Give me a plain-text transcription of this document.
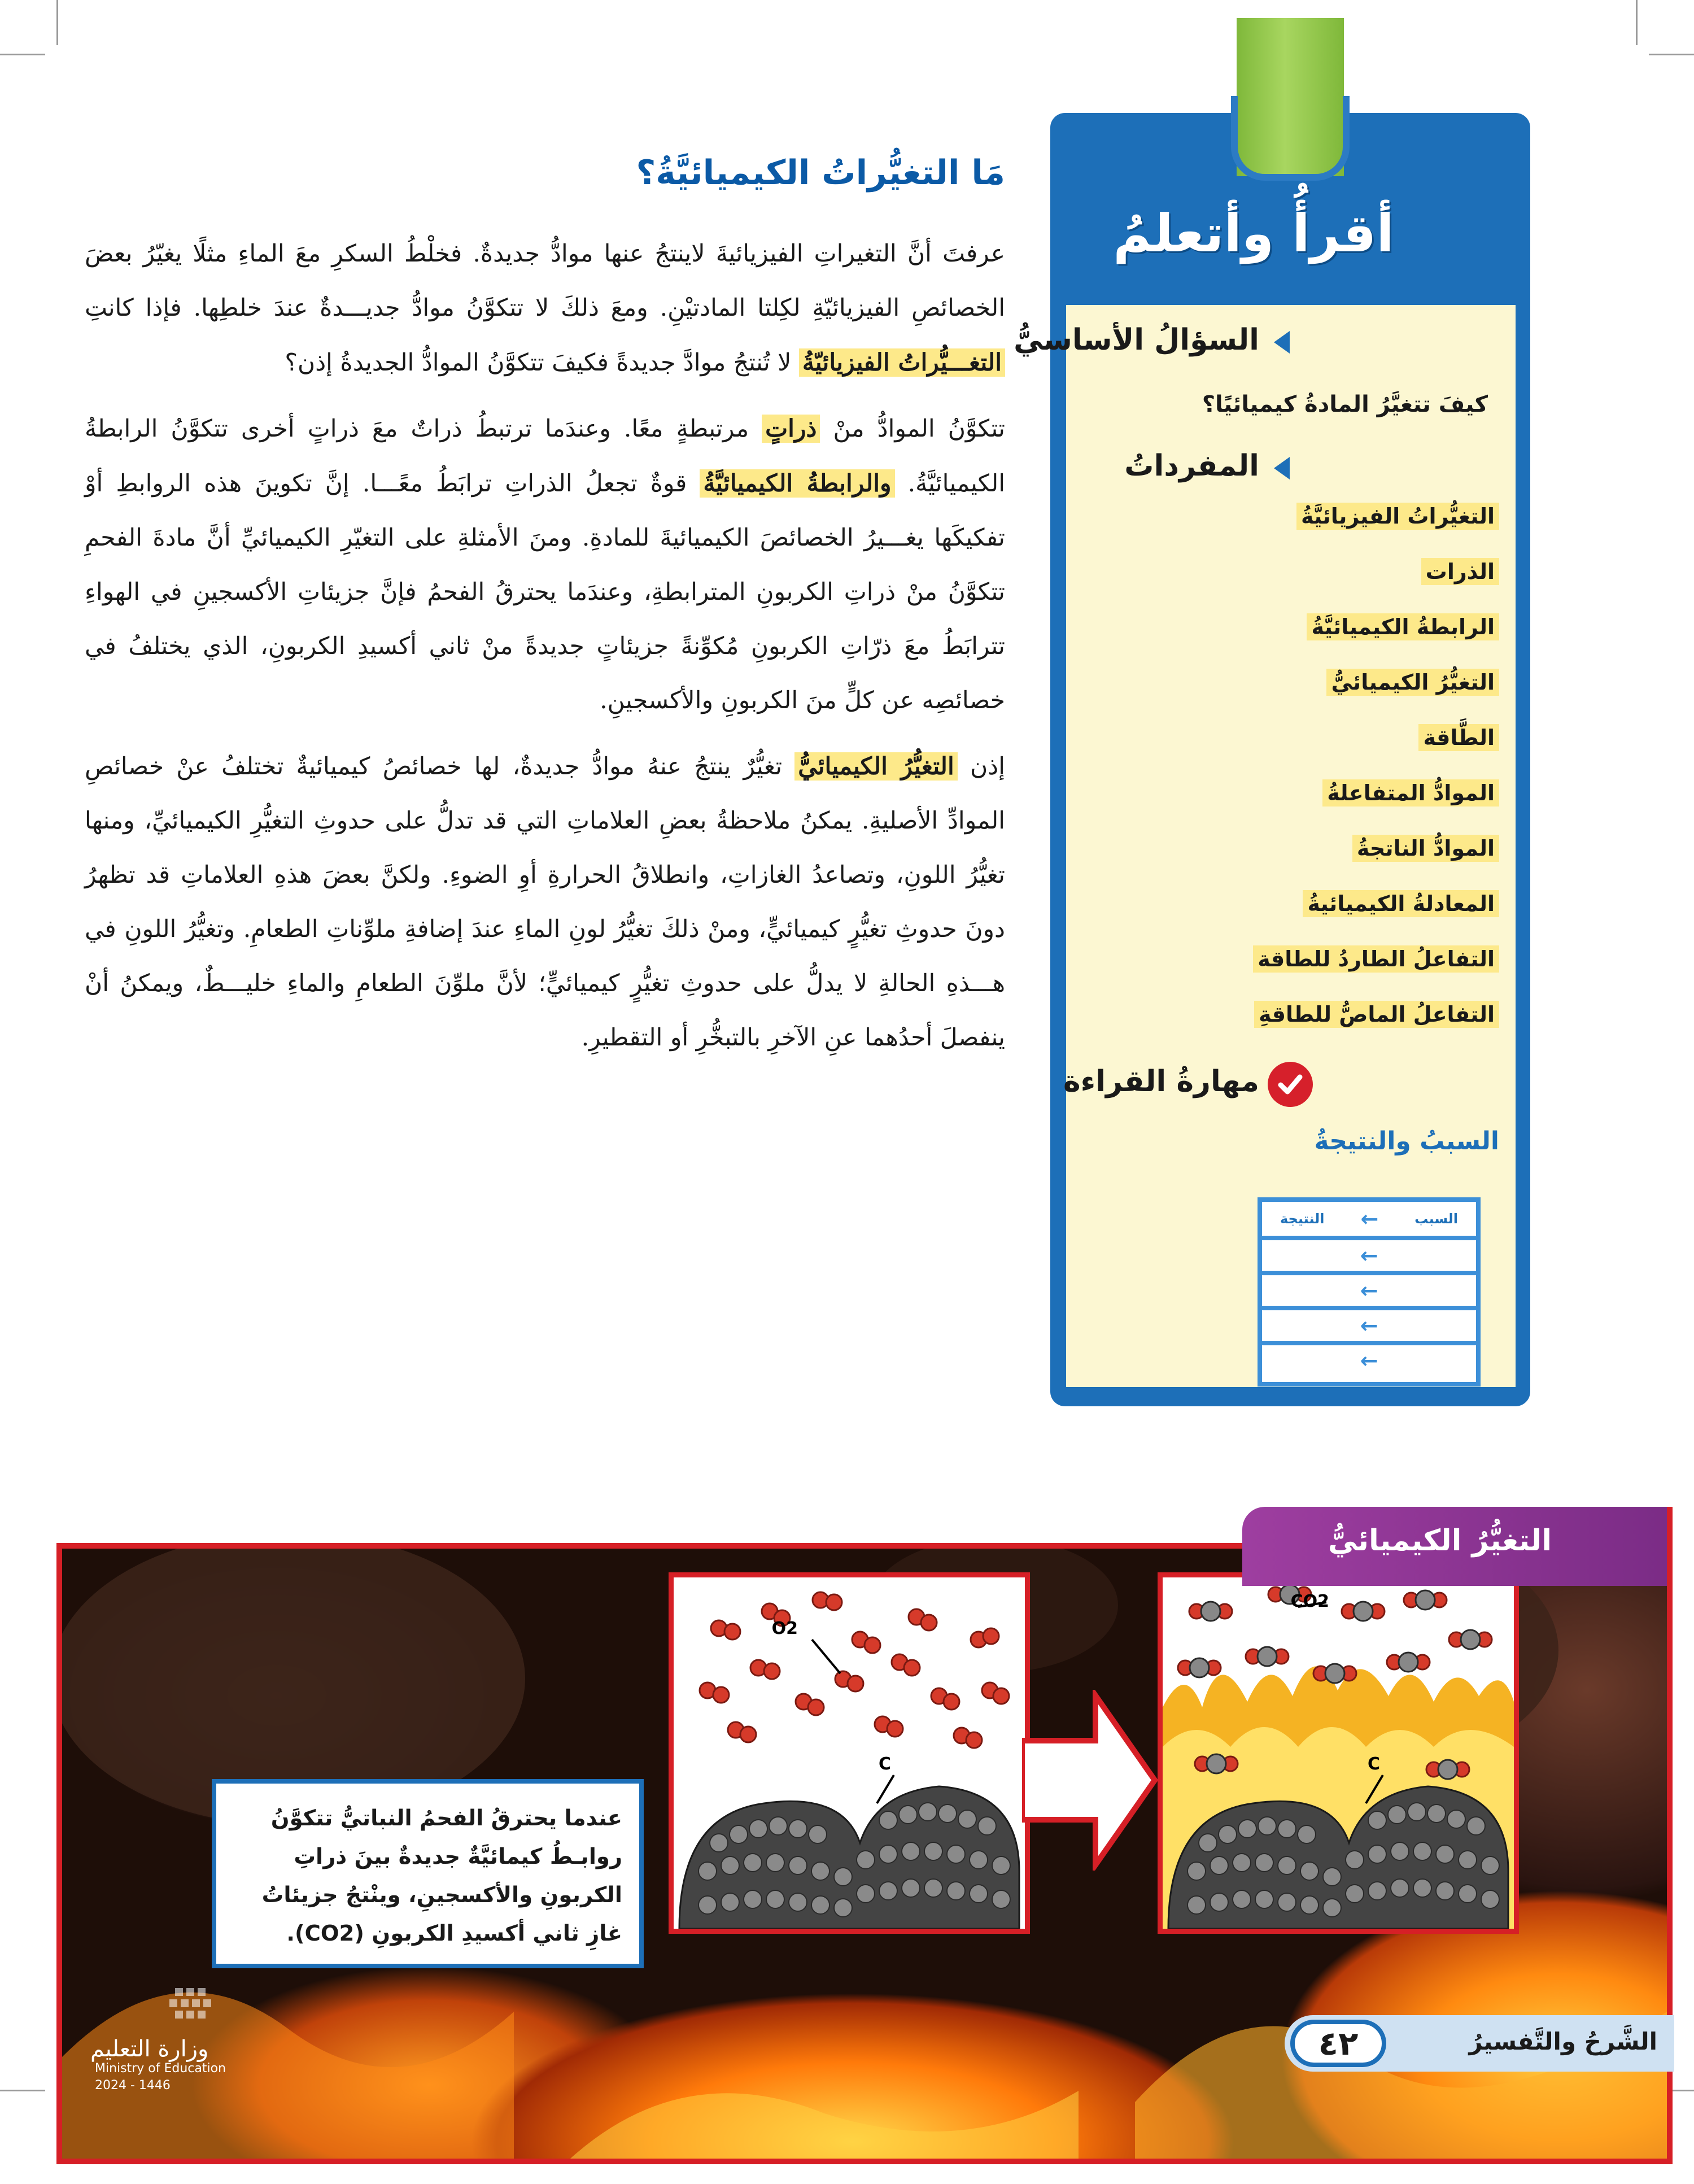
مَا التغيُّراتُ الكيميائيَّةُ؟

عرفتَ أنَّ التغيراتِ الفيزيائيةَ لاينتجُ عنها موادُّ جديدةٌ. فخلْطُ السكرِ معَ الماءِ مثلًا يغيّرُ بعضَ الخصائصِ الفيزيائيّةِ لكِلتا المادتيْنِ. ومعَ ذلكَ لا تتكوَّنُ موادُّ جديـــدةٌ عندَ خلطِها. فإذا كانتِ التغـــيُّراتُ الفيزيائيّةُ لا تُنتجُ موادَّ جديدةً فكيفَ تتكوَّنُ الموادُّ الجديدةُ إذن؟

تتكوَّنُ الموادُّ منْ ذراتٍ مرتبطةٍ معًا. وعندَما ترتبطُ ذراتٌ معَ ذراتٍ أخرى تتكوَّنُ الرابطةُ الكيميائيَّةُ. والرابطةُ الكيميائيَّةُ قوةٌ تجعلُ الذراتِ ترابَطُ معًـــا. إنَّ تكوينَ هذه الروابطِ أوْ تفكيكَها يغـــيرُ الخصائصَ الكيميائيةَ للمادةِ. ومنَ الأمثلةِ على التغيّرِ الكيميائيِّ أنَّ مادةَ الفحمِ تتكوَّنُ منْ ذراتِ الكربونِ المترابطةِ، وعندَما يحترقُ الفحمُ فإنَّ جزيئاتِ الأكسجينِ في الهواءِ تترابَطُ معَ ذرّاتِ الكربونِ مُكوِّنةً جزيئاتٍ جديدةً منْ ثاني أكسيدِ الكربونِ، الذي يختلفُ في خصائصِه عن كلٍّ منَ الكربونِ والأكسجينِ.

إذن التغيُّرُ الكيميائيُّ تغيُّرٌ ينتجُ عنهُ موادُّ جديدةٌ، لها خصائصُ كيميائيةٌ تختلفُ عنْ خصائصِ الموادِّ الأصليةِ. يمكنُ ملاحظةُ بعضِ العلاماتِ التي قد تدلُّ على حدوثِ التغيُّرِ الكيميائيِّ، ومنها تغيُّرُ اللونِ، وتصاعدُ الغازاتِ، وانطلاقُ الحرارةِ أوِ الضوءِ. ولكنَّ بعضَ هذهِ العلاماتِ قد تظهرُ دونَ حدوثِ تغيُّرٍ كيميائيٍّ، ومنْ ذلكَ تغيُّرُ لونِ الماءِ عندَ إضافةِ ملوِّناتِ الطعامِ. وتغيُّرُ اللونِ في هـــذهِ الحالةِ لا يدلُّ على حدوثِ تغيُّرٍ كيميائيٍّ؛ لأنَّ ملوِّنَ الطعامِ والماءِ خليـــطٌ، ويمكنُ أنْ ينفصلَ أحدُهما عنِ الآخرِ بالتبخُّرِ أو التقطيرِ.

أقرأُ وأتعلمُ
السؤالُ الأساسيُّ
كيفَ تتغيَّرُ المادةُ كيميائيًا؟
المفرداتُ
التغيُّراتُ الفيزيائيَّةُ
الذرات
الرابطةُ الكيميائيَّةُ
التغيُّرُ الكيميائيُّ
الطَّاقة
الموادُّ المتفاعلةُ
الموادُّ الناتجةُ
المعادلةُ الكيميائيةُ
التفاعلُ الطاردُ للطاقة
التفاعلُ الماصُّ للطاقةِ
مهارةُ القراءة
السببُ والنتيجةُ
السبب
←
النتيجة
←
←
←
←
O2
C
CO2
C
التغيُّرُ الكيميائيُّ
عندما يحترقُ الفحمُ النباتيُّ تتكوَّنُ روابـطُ كيمائيَّةٌ جديدةٌ بينَ ذراتِ الكربونِ والأكسجينِ، وينْتجُ جزيئاتُ غازِ ثاني أكسيدِ الكربونِ (CO2).
وزارة التعليم
Ministry of Education
2024 - 1446
٤٢	الشَّرحُ والتَّفسيرُ
